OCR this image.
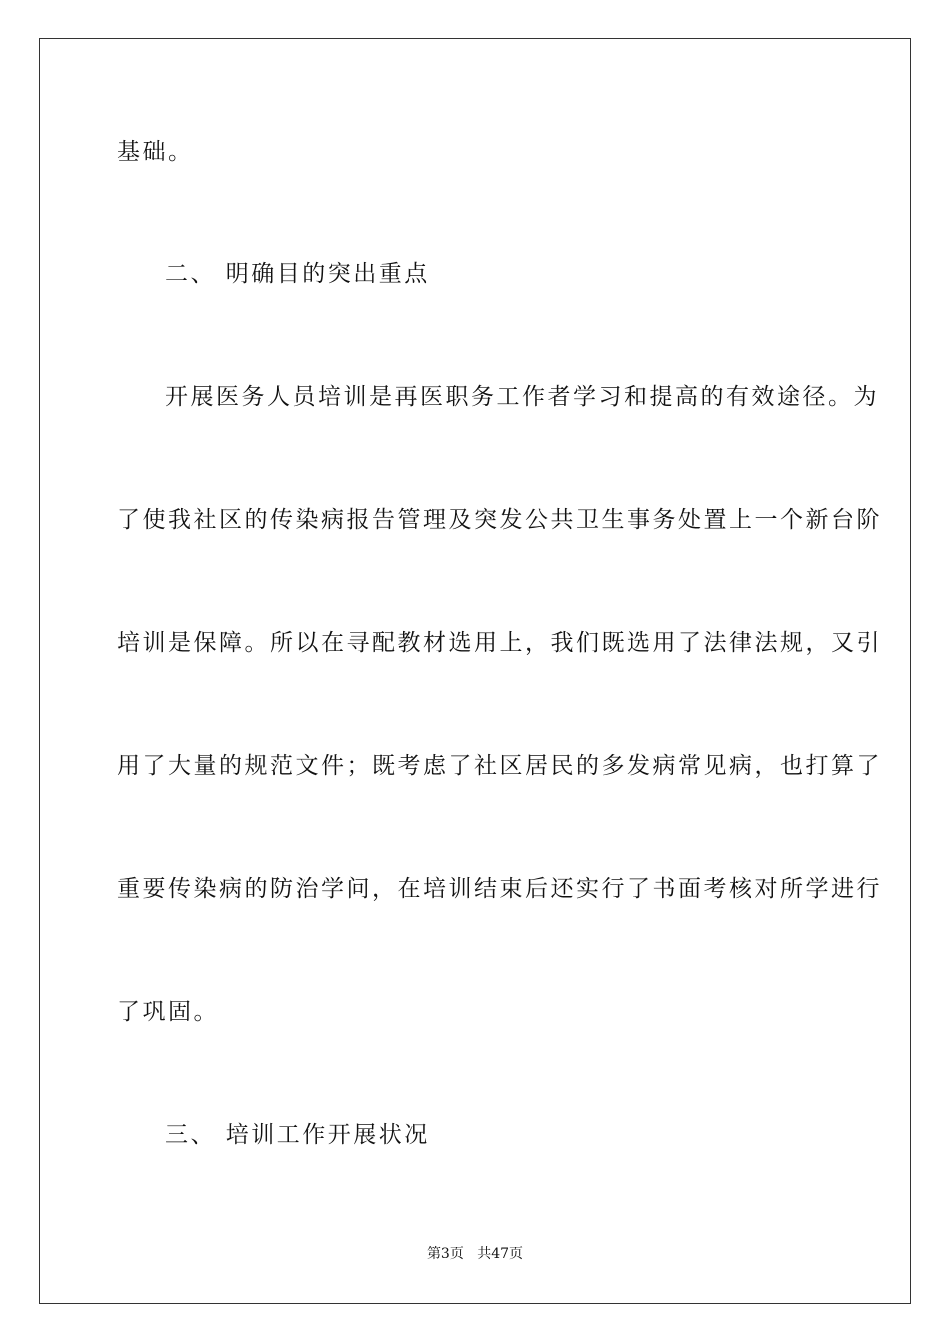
基础。
二、 明确目的突出重点
开展医务人员培训是再医职务工作者学习和提高的有效途径。为
了使我社区的传染病报告管理及突发公共卫生事务处置上一个新台阶
培训是保障。所以在寻配教材选用上，我们既选用了法律法规，又引
用了大量的规范文件；既考虑了社区居民的多发病常见病，也打算了
重要传染病的防治学问，在培训结束后还实行了书面考核对所学进行
了巩固。
三、 培训工作开展状况
第3页 共47页
